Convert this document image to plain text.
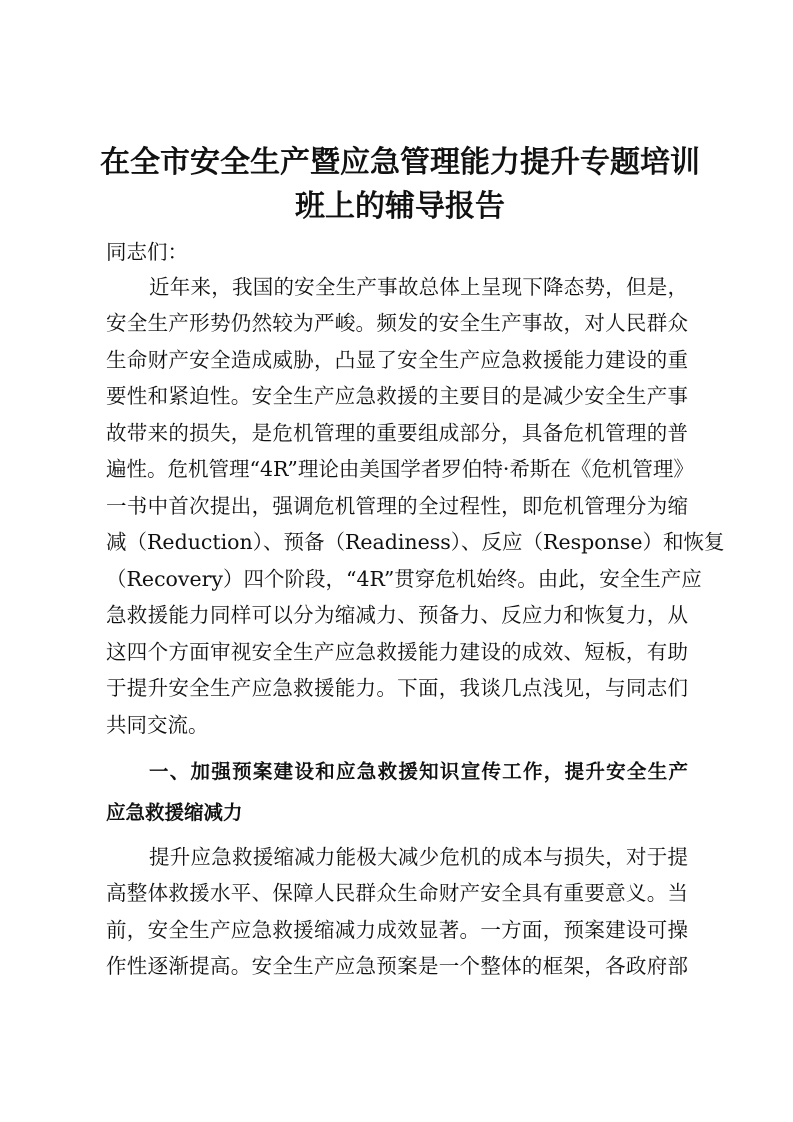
在全市安全生产暨应急管理能力提升专题培训
班上的辅导报告
同志们：
近年来，我国的安全生产事故总体上呈现下降态势，但是，
安全生产形势仍然较为严峻。频发的安全生产事故，对人民群众
生命财产安全造成威胁，凸显了安全生产应急救援能力建设的重
要性和紧迫性。安全生产应急救援的主要目的是减少安全生产事
故带来的损失，是危机管理的重要组成部分，具备危机管理的普
遍性。危机管理“4R”理论由美国学者罗伯特·希斯在《危机管理》
一书中首次提出，强调危机管理的全过程性，即危机管理分为缩
减（Reduction）、预备（Readiness）、反应（Response）和恢复
（Recovery）四个阶段，“4R”贯穿危机始终。由此，安全生产应
急救援能力同样可以分为缩减力、预备力、反应力和恢复力，从
这四个方面审视安全生产应急救援能力建设的成效、短板，有助
于提升安全生产应急救援能力。下面，我谈几点浅见，与同志们
共同交流。
一、加强预案建设和应急救援知识宣传工作，提升安全生产
应急救援缩减力
提升应急救援缩减力能极大减少危机的成本与损失，对于提
高整体救援水平、保障人民群众生命财产安全具有重要意义。当
前，安全生产应急救援缩减力成效显著。一方面，预案建设可操
作性逐渐提高。安全生产应急预案是一个整体的框架，各政府部
